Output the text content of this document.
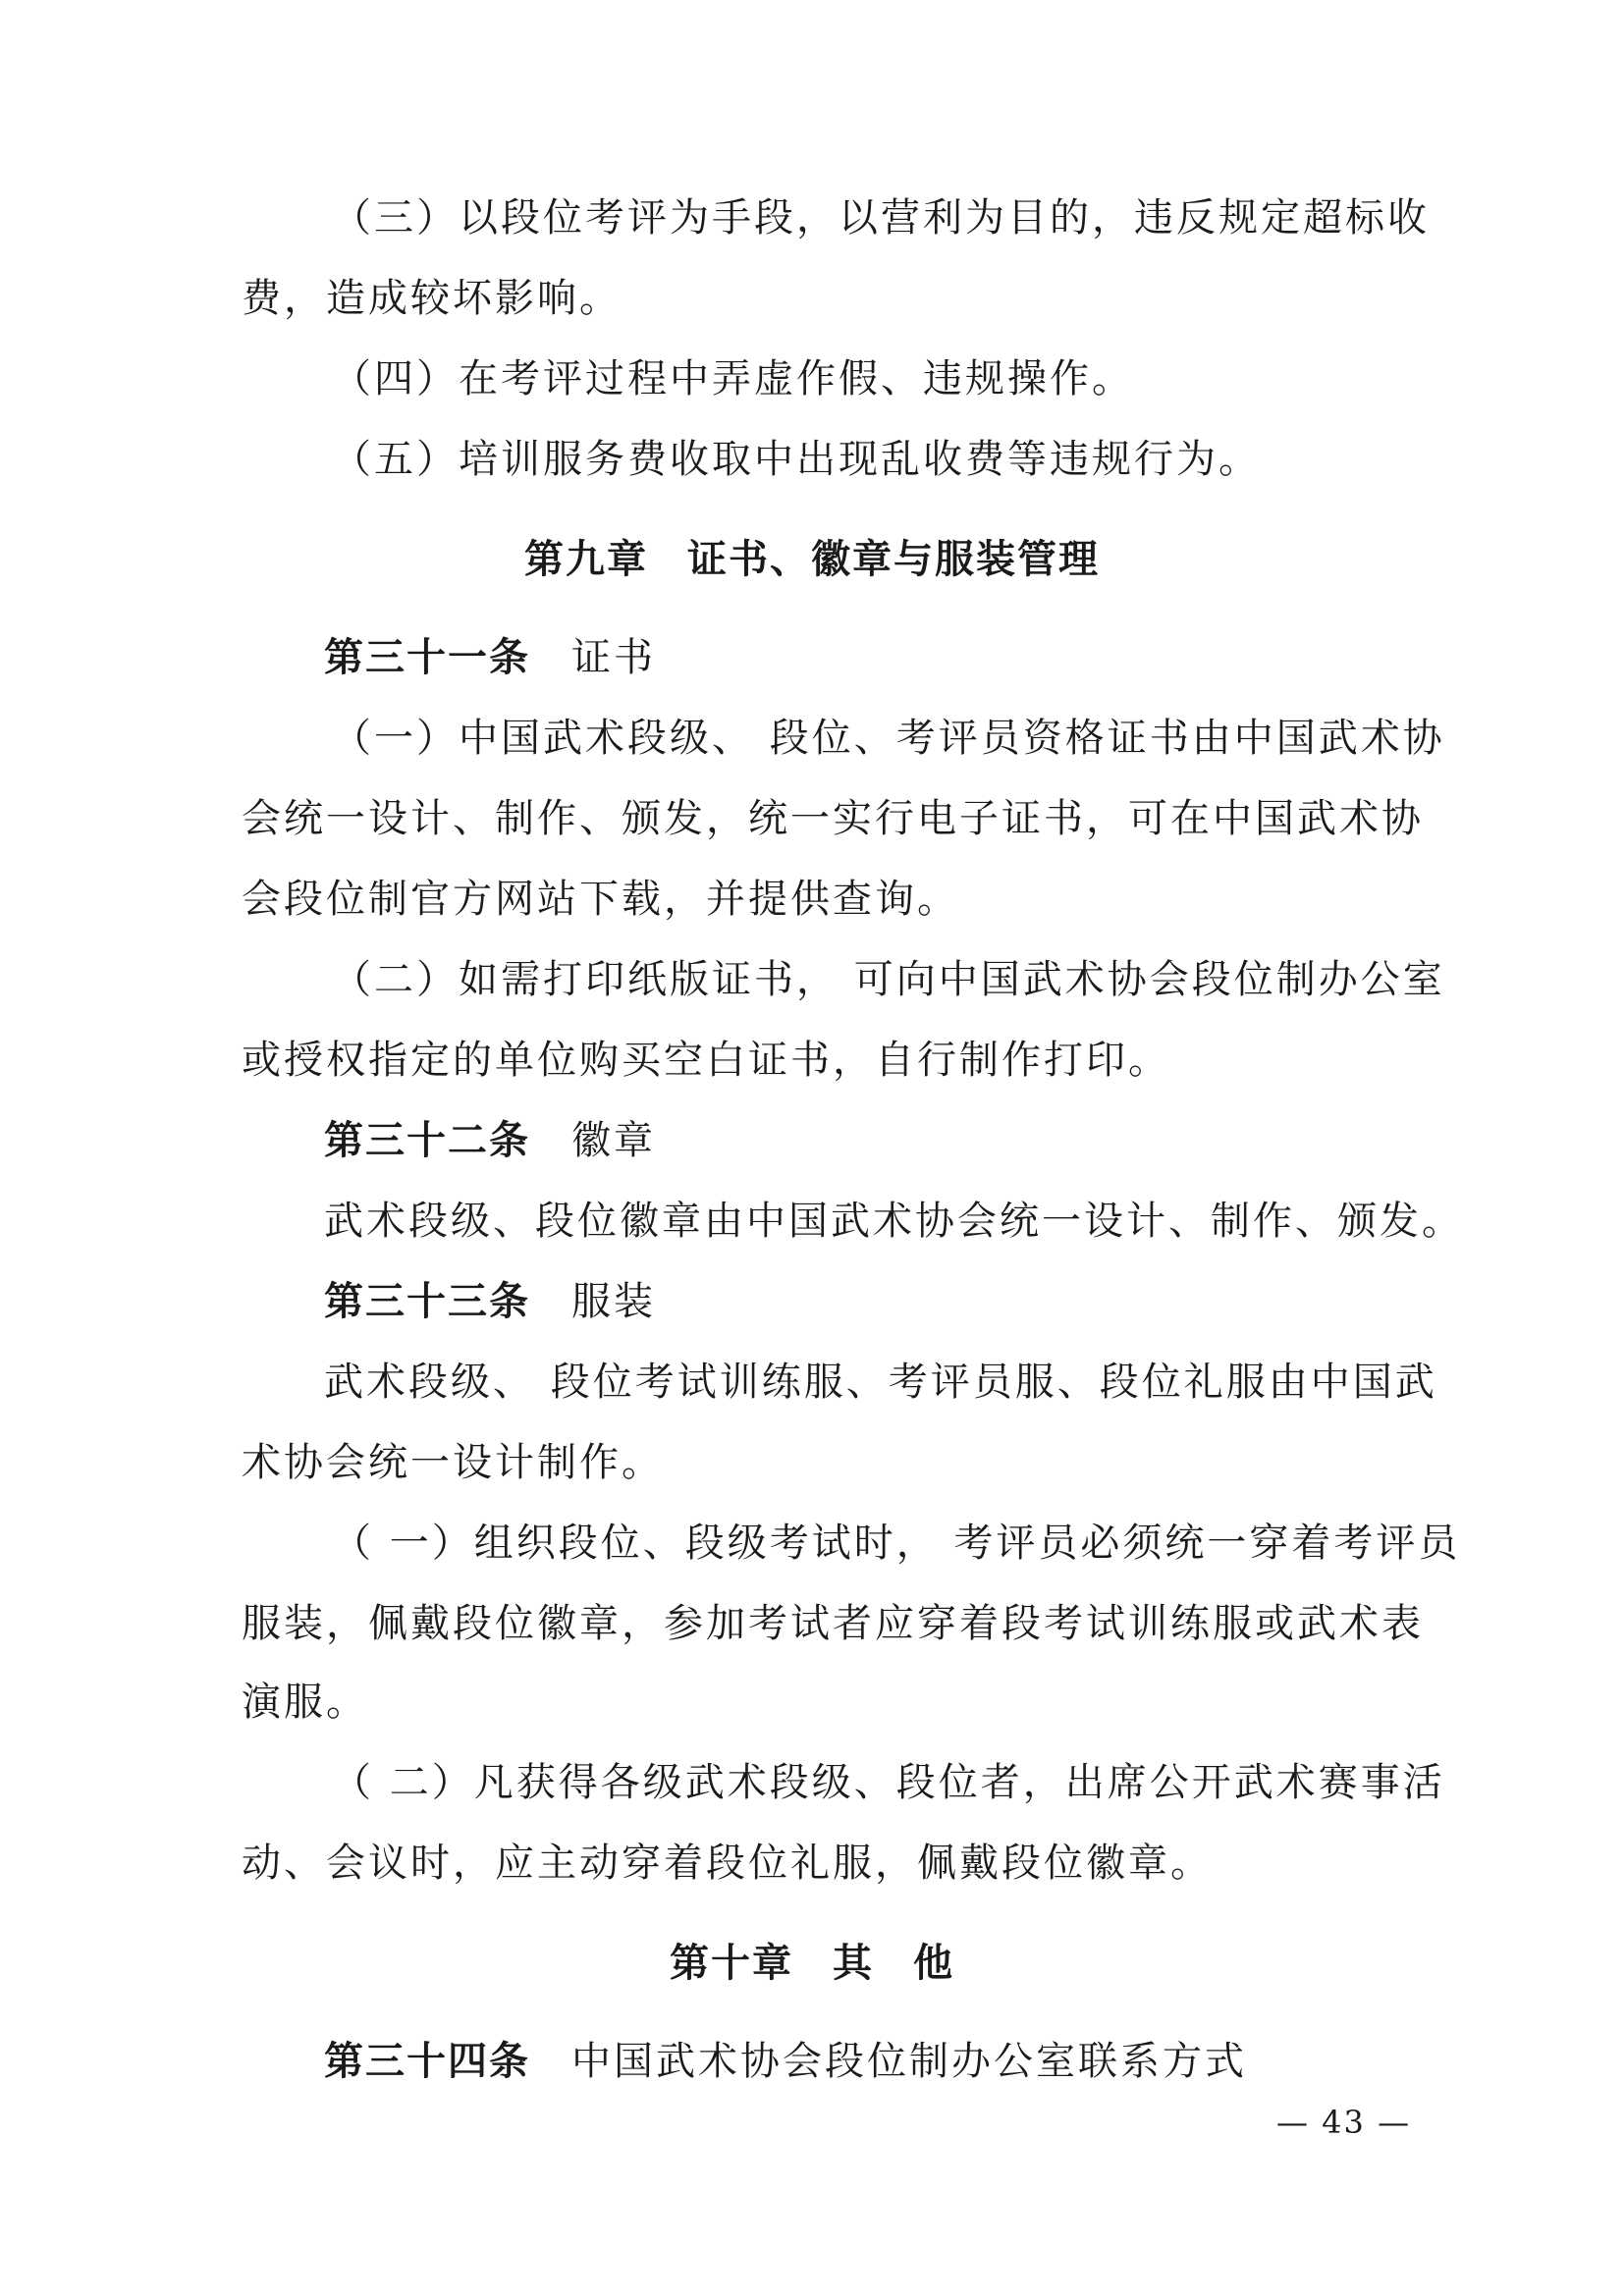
（三）以段位考评为手段，以营利为目的，违反规定超标收
费，造成较坏影响。
（四）在考评过程中弄虚作假、违规操作。
（五）培训服务费收取中出现乱收费等违规行为。
第九章 证书、徽章与服装管理
第三十一条 证书
（一）中国武术段级、 段位、考评员资格证书由中国武术协
会统一设计、制作、颁发，统一实行电子证书，可在中国武术协
会段位制官方网站下载，并提供查询。
（二）如需打印纸版证书， 可向中国武术协会段位制办公室
或授权指定的单位购买空白证书，自行制作打印。
第三十二条 徽章
武术段级、段位徽章由中国武术协会统一设计、制作、颁发。
第三十三条 服装
武术段级、 段位考试训练服、考评员服、段位礼服由中国武
术协会统一设计制作。
（ 一）组织段位、段级考试时， 考评员必须统一穿着考评员
服装，佩戴段位徽章，参加考试者应穿着段考试训练服或武术表
演服。
（ 二）凡获得各级武术段级、段位者，出席公开武术赛事活
动、会议时，应主动穿着段位礼服，佩戴段位徽章。
第十章 其 他
第三十四条 中国武术协会段位制办公室联系方式
— 43 —
